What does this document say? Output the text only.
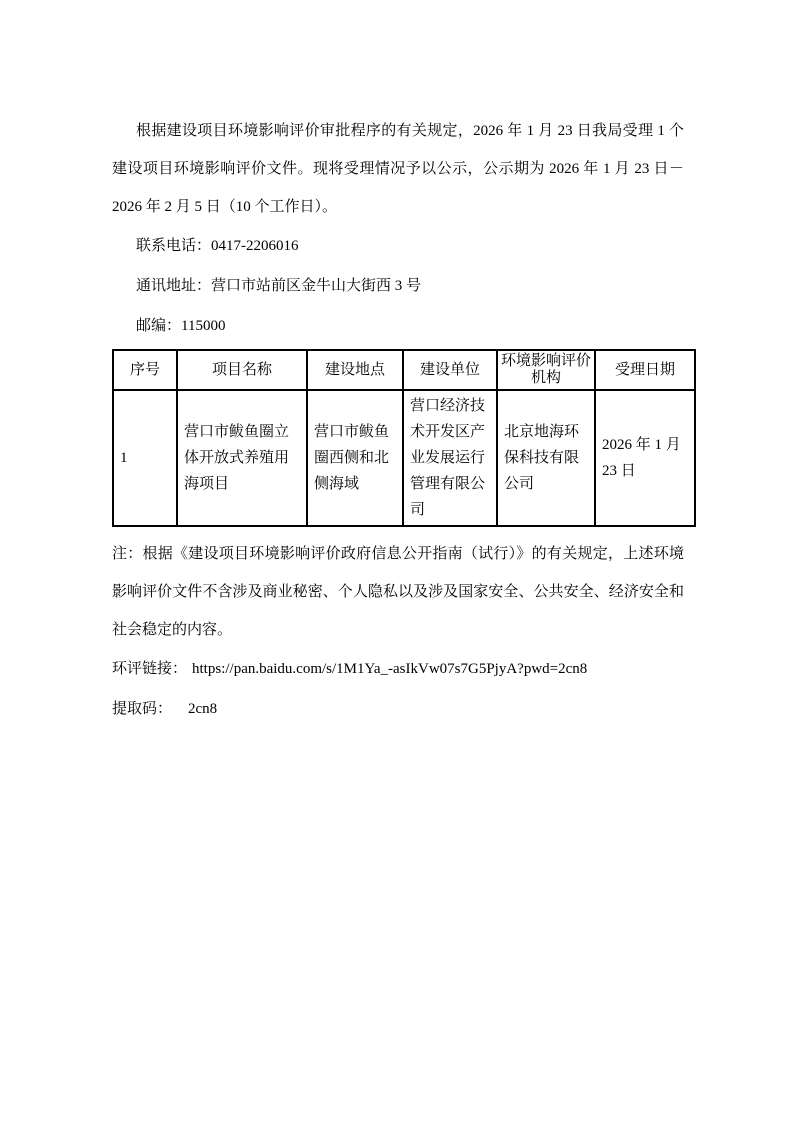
根据建设项目环境影响评价审批程序的有关规定，2026 年 1 月 23 日我局受理 1 个建设项目环境影响评价文件。现将受理情况予以公示，公示期为 2026 年 1 月 23 日－2026 年 2 月 5 日（10 个工作日）。

联系电话：0417-2206016

通讯地址：营口市站前区金牛山大街西 3 号

邮编：115000

序号	项目名称	建设地点	建设单位	环境影响评价机构	受理日期
1	营口市鲅鱼圈立体开放式养殖用海项目	营口市鲅鱼圈西侧和北侧海域	营口经济技术开发区产业发展运行管理有限公司	北京地海环保科技有限公司	2026 年 1 月 23 日

注：根据《建设项目环境影响评价政府信息公开指南（试行）》的有关规定，上述环境影响评价文件不含涉及商业秘密、个人隐私以及涉及国家安全、公共安全、经济安全和社会稳定的内容。

环评链接： https://pan.baidu.com/s/1M1Ya_-asIkVw07s7G5PjyA?pwd=2cn8

提取码： 2cn8
